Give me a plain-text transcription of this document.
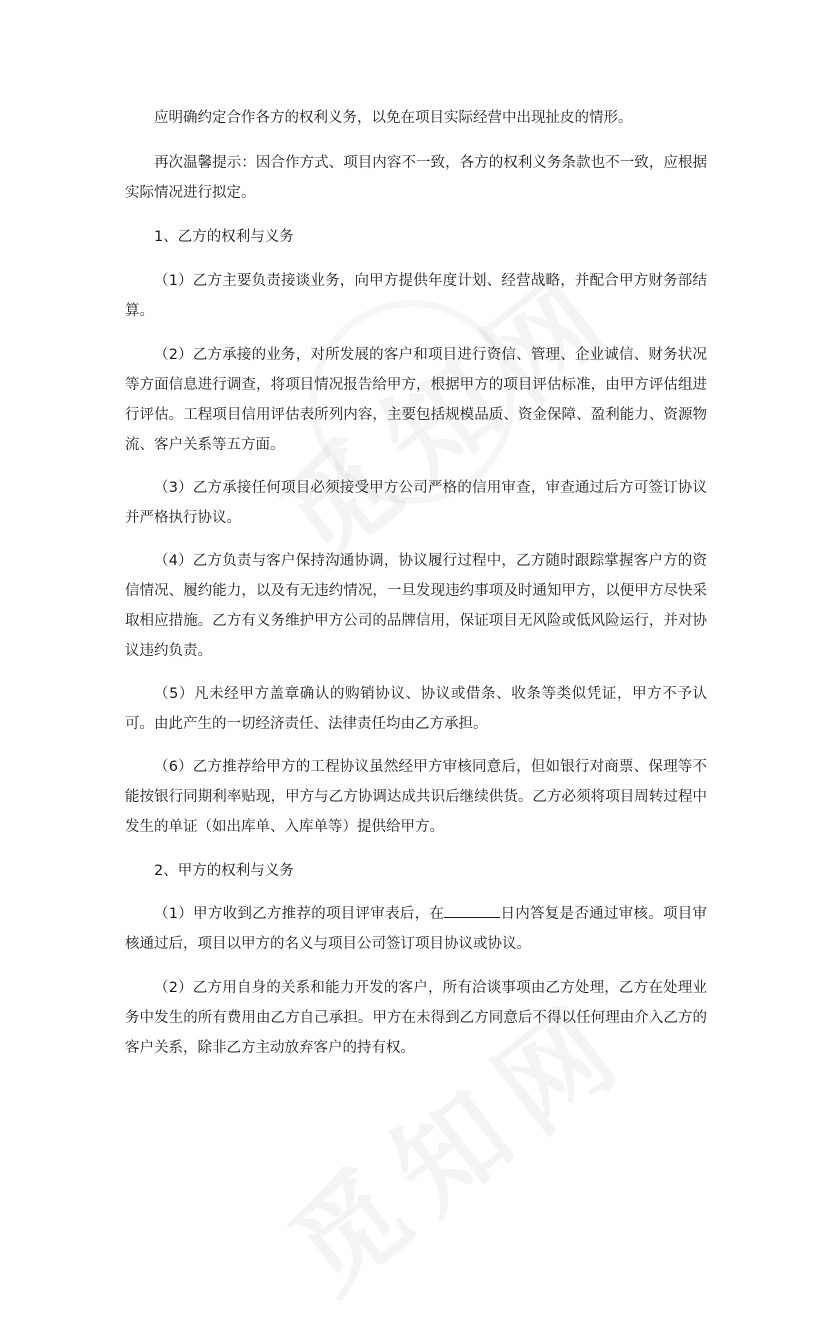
应明确约定合作各方的权利义务，以免在项目实际经营中出现扯皮的情形。

再次温馨提示：因合作方式、项目内容不一致，各方的权利义务条款也不一致，应根据实际情况进行拟定。

1、乙方的权利与义务

（1）乙方主要负责接谈业务，向甲方提供年度计划、经营战略，并配合甲方财务部结算。

（2）乙方承接的业务，对所发展的客户和项目进行资信、管理、企业诚信、财务状况等方面信息进行调查，将项目情况报告给甲方，根据甲方的项目评估标准，由甲方评估组进行评估。工程项目信用评估表所列内容，主要包括规模品质、资金保障、盈利能力、资源物流、客户关系等五方面。

（3）乙方承接任何项目必须接受甲方公司严格的信用审查，审查通过后方可签订协议并严格执行协议。

（4）乙方负责与客户保持沟通协调，协议履行过程中，乙方随时跟踪掌握客户方的资信情况、履约能力，以及有无违约情况，一旦发现违约事项及时通知甲方，以便甲方尽快采取相应措施。乙方有义务维护甲方公司的品牌信用，保证项目无风险或低风险运行，并对协议违约负责。

（5）凡未经甲方盖章确认的购销协议、协议或借条、收条等类似凭证，甲方不予认可。由此产生的一切经济责任、法律责任均由乙方承担。

（6）乙方推荐给甲方的工程协议虽然经甲方审核同意后，但如银行对商票、保理等不能按银行同期利率贴现，甲方与乙方协调达成共识后继续供货。乙方必须将项目周转过程中发生的单证（如出库单、入库单等）提供给甲方。

2、甲方的权利与义务

（1）甲方收到乙方推荐的项目评审表后，在	日内答复是否通过审核。项目审核通过后，项目以甲方的名义与项目公司签订项目协议或协议。

（2）乙方用自身的关系和能力开发的客户，所有洽谈事项由乙方处理，乙方在处理业务中发生的所有费用由乙方自己承担。甲方在未得到乙方同意后不得以任何理由介入乙方的客户关系，除非乙方主动放弃客户的持有权。
